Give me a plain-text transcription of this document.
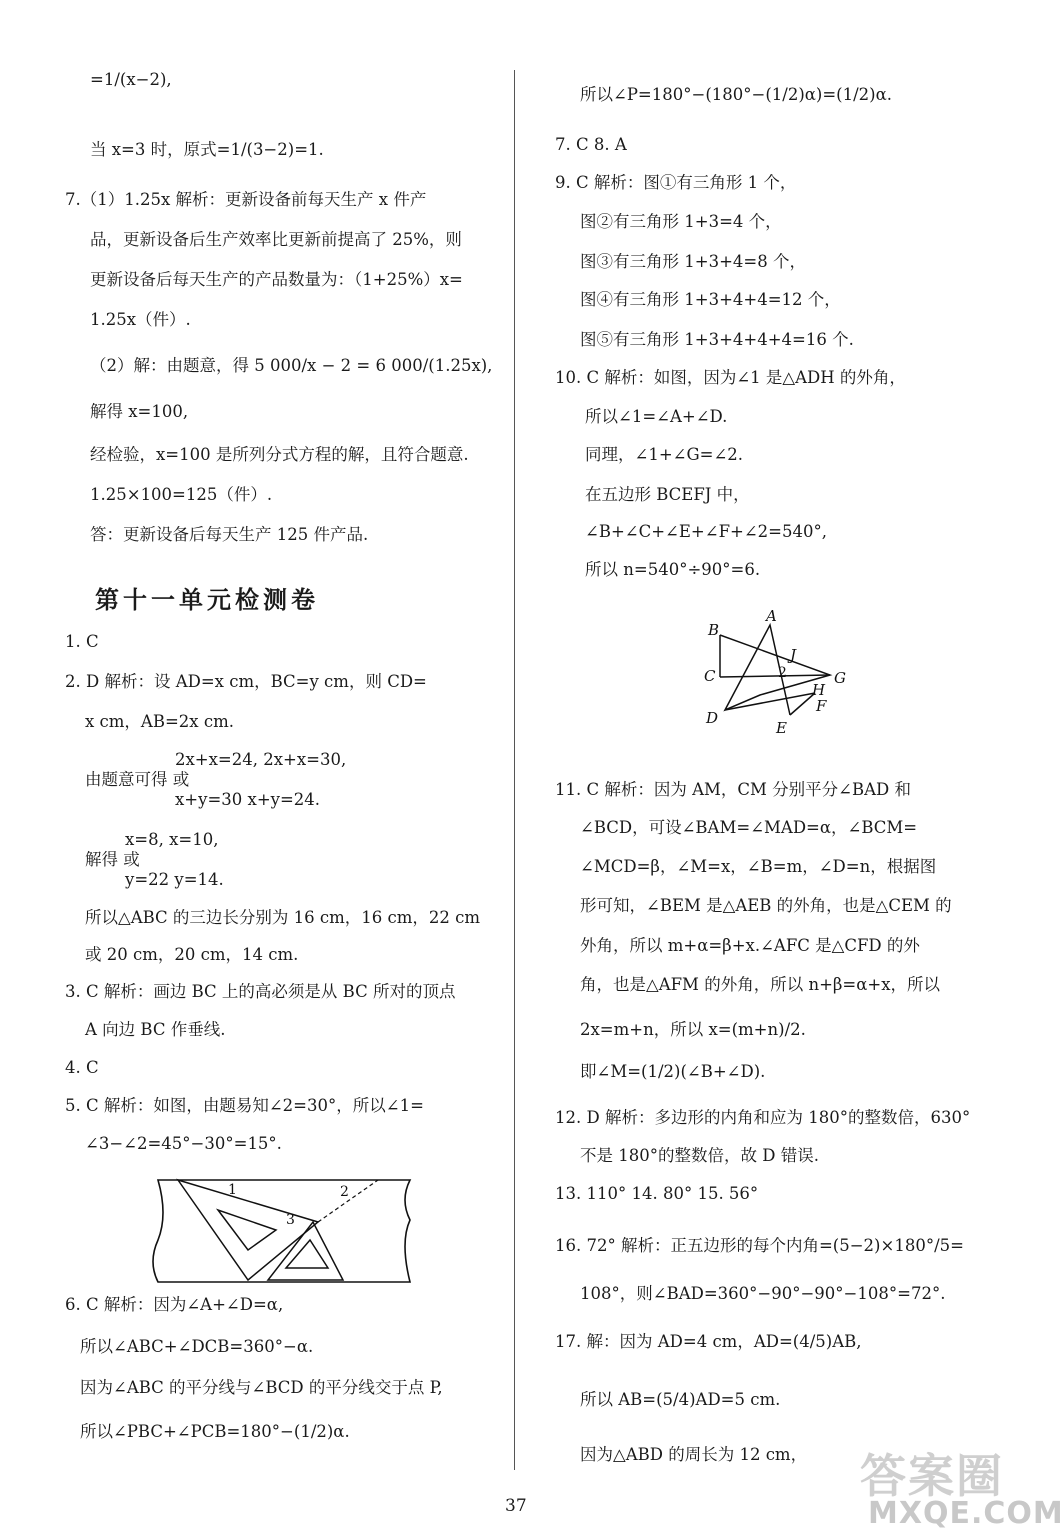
=1/(x−2),
当 x=3 时，原式=1/(3−2)=1.
7.（1）1.25x 解析：更新设备前每天生产 x 件产
品，更新设备后生产效率比更新前提高了 25%，则
更新设备后每天生产的产品数量为：（1+25%）x=
1.25x（件）.
（2）解：由题意，得 5 000/x − 2 = 6 000/(1.25x),
解得 x=100,
经检验，x=100 是所列分式方程的解，且符合题意.
1.25×100=125（件）.
答：更新设备后每天生产 125 件产品.
1. C
2. D 解析：设 AD=x cm，BC=y cm，则 CD=
x cm，AB=2x cm.
2x+x=24, 2x+x=30,
由题意可得 或
x+y=30 x+y=24.
x=8, x=10,
解得 或
y=22 y=14.
所以△ABC 的三边长分别为 16 cm，16 cm，22 cm
或 20 cm，20 cm，14 cm.
3. C 解析：画边 BC 上的高必须是从 BC 所对的顶点
A 向边 BC 作垂线.
4. C
5. C 解析：如图，由题易知∠2=30°，所以∠1=
∠3−∠2=45°−30°=15°.
6. C 解析：因为∠A+∠D=α,
所以∠ABC+∠DCB=360°−α.
因为∠ABC 的平分线与∠BCD 的平分线交于点 P,
所以∠PBC+∠PCB=180°−(1/2)α.
所以∠P=180°−(180°−(1/2)α)=(1/2)α.
7. C 8. A
9. C 解析：图①有三角形 1 个，
图②有三角形 1+3=4 个，
图③有三角形 1+3+4=8 个，
图④有三角形 1+3+4+4=12 个，
图⑤有三角形 1+3+4+4+4=16 个.
10. C 解析：如图，因为∠1 是△ADH 的外角，
所以∠1=∠A+∠D.
同理，∠1+∠G=∠2.
在五边形 BCEFJ 中，
∠B+∠C+∠E+∠F+∠2=540°,
所以 n=540°÷90°=6.
11. C 解析：因为 AM，CM 分别平分∠BAD 和
∠BCD，可设∠BAM=∠MAD=α，∠BCM=
∠MCD=β，∠M=x，∠B=m，∠D=n，根据图
形可知，∠BEM 是△AEB 的外角，也是△CEM 的
外角，所以 m+α=β+x.∠AFC 是△CFD 的外
角，也是△AFM 的外角，所以 n+β=α+x，所以
2x=m+n，所以 x=(m+n)/2.
即∠M=(1/2)(∠B+∠D).
12. D 解析：多边形的内角和应为 180°的整数倍，630°
不是 180°的整数倍，故 D 错误.
13. 110° 14. 80° 15. 56°
16. 72° 解析：正五边形的每个内角=(5−2)×180°/5=
108°，则∠BAD=360°−90°−90°−108°=72°.
17. 解：因为 AD=4 cm，AD=(4/5)AB,
所以 AB=(5/4)AD=5 cm.
因为△ABD 的周长为 12 cm，
第十一单元检测卷
1	2
3
B
A
J
C	2	G
H
F
D
E
37
答案圈
MXQE.COM
